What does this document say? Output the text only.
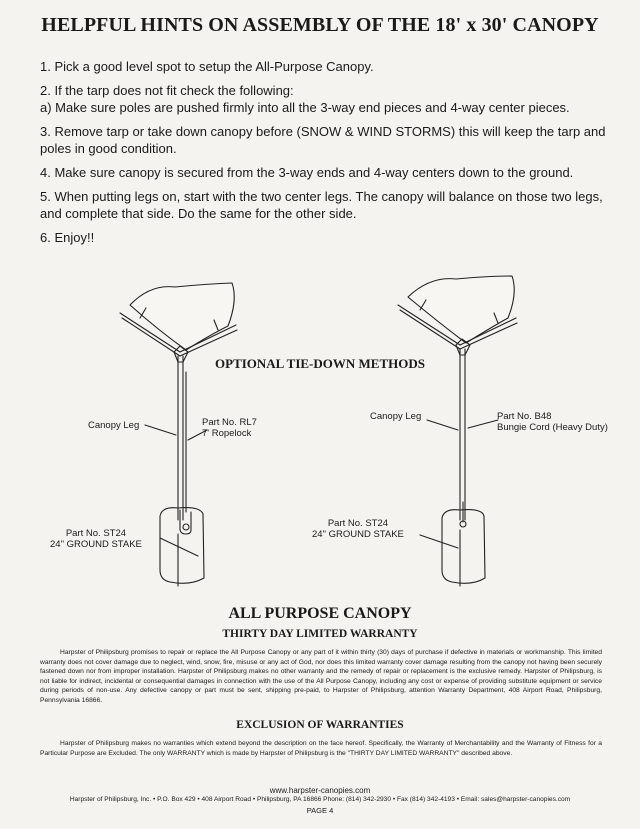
HELPFUL HINTS ON ASSEMBLY OF THE 18' x 30' CANOPY
1. Pick a good level spot to setup the All-Purpose Canopy.
2. If the tarp does not fit check the following:
a) Make sure poles are pushed firmly into all the 3-way end pieces and 4-way center pieces.
3. Remove tarp or take down canopy before (SNOW & WIND STORMS) this will keep the tarp and poles in good condition.
4. Make sure canopy is secured from the 3-way ends and 4-way centers down to the ground.
5. When putting legs on, start with the two center legs. The canopy will balance on those two legs, and complete that side. Do the same for the other side.
6. Enjoy!!
OPTIONAL TIE-DOWN METHODS
Canopy Leg	Part No. RL7
7' Ropelock
Part No. ST24
24" GROUND STAKE
Canopy Leg	Part No. B48
Bungie Cord (Heavy Duty)
Part No. ST24
24" GROUND STAKE
ALL PURPOSE CANOPY
THIRTY DAY LIMITED WARRANTY
Harpster of Philipsburg promises to repair or replace the All Purpose Canopy or any part of it within thirty (30) days of purchase if defective in materials or workmanship. This limited warranty does not cover damage due to neglect, wind, snow, fire, misuse or any act of God, nor does this limited warranty cover damage resulting from the canopy not having been securely fastened down nor from improper installation. Harpster of Philipsburg makes no other warranty and the remedy of repair or replacement is the exclusive remedy. Harpster of Philipsburg, is not liable for indirect, incidental or consequential damages in connection with the use of the All Purpose Canopy, including any cost or expense of providing substitute equipment or service during periods of non-use. Any defective canopy or part must be sent, shipping pre-paid, to Harpster of Philipsburg, attention Warranty Department, 408 Airport Road, Philipsburg, Pennsylvania 16866.
EXCLUSION OF WARRANTIES
Harpster of Philipsburg makes no warranties which extend beyond the description on the face hereof. Specifically, the Warranty of Merchantability and the Warranty of Fitness for a Particular Purpose are Excluded. The only WARRANTY which is made by Harpster of Philipsburg is the "THIRTY DAY LIMITED WARRANTY" described above.
www.harpster-canopies.com
Harpster of Philipsburg, Inc. • P.O. Box 429 • 408 Airport Road • Philipsburg, PA 16866 Phone: (814) 342-2930 • Fax (814) 342-4193 • Email: sales@harpster-canopies.com
PAGE 4
